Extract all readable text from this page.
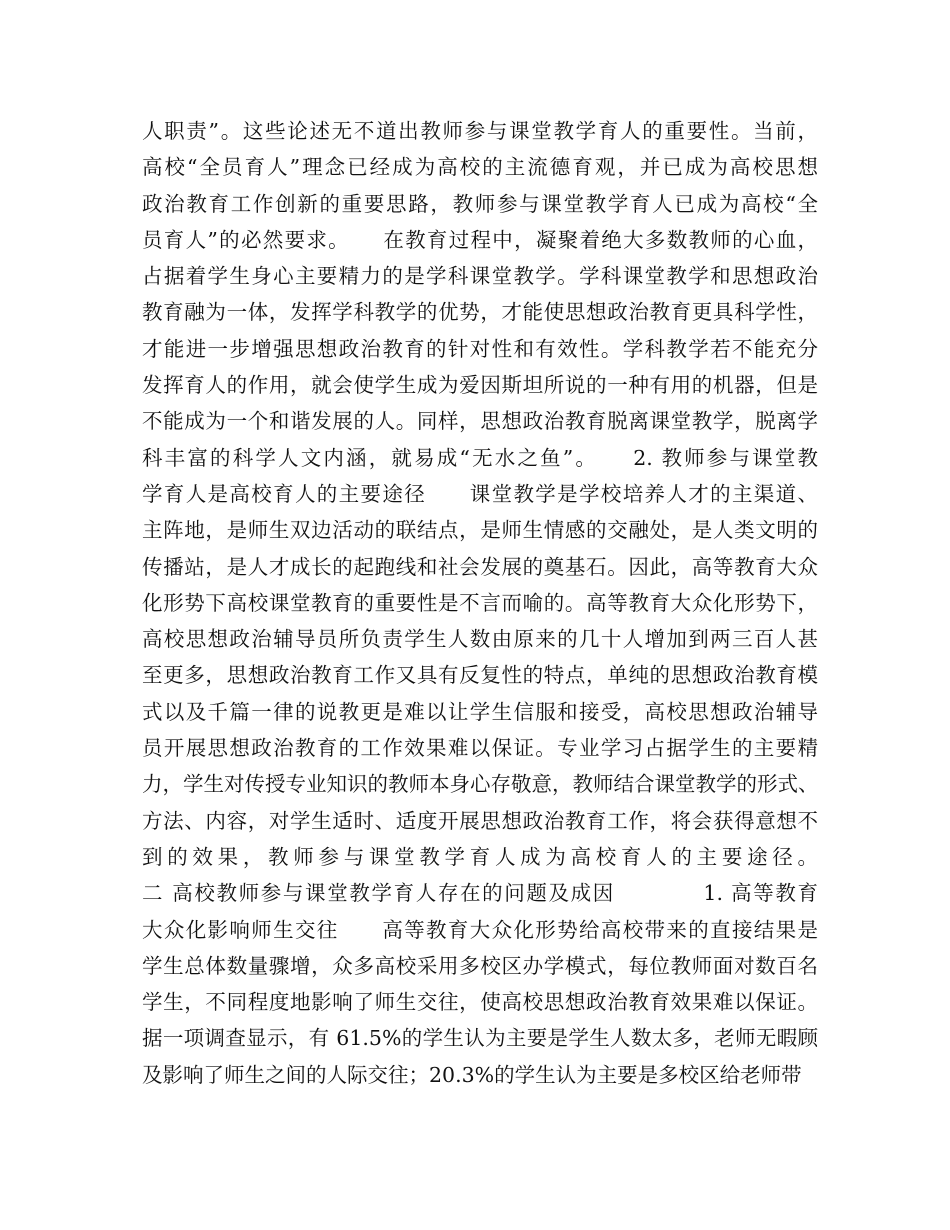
人职责”。这些论述无不道出教师参与课堂教学育人的重要性。当前，
高校“全员育人”理念已经成为高校的主流德育观，并已成为高校思想
政治教育工作创新的重要思路，教师参与课堂教学育人已成为高校“全
员育人”的必然要求。　　在教育过程中，凝聚着绝大多数教师的心血，
占据着学生身心主要精力的是学科课堂教学。学科课堂教学和思想政治
教育融为一体，发挥学科教学的优势，才能使思想政治教育更具科学性，
才能进一步增强思想政治教育的针对性和有效性。学科教学若不能充分
发挥育人的作用，就会使学生成为爱因斯坦所说的一种有用的机器，但是
不能成为一个和谐发展的人。同样，思想政治教育脱离课堂教学，脱离学
科丰富的科学人文内涵，就易成“无水之鱼”。　　2. 教师参与课堂教
学育人是高校育人的主要途径　　课堂教学是学校培养人才的主渠道、
主阵地，是师生双边活动的联结点，是师生情感的交融处，是人类文明的
传播站，是人才成长的起跑线和社会发展的奠基石。因此，高等教育大众
化形势下高校课堂教育的重要性是不言而喻的。高等教育大众化形势下，
高校思想政治辅导员所负责学生人数由原来的几十人增加到两三百人甚
至更多，思想政治教育工作又具有反复性的特点，单纯的思想政治教育模
式以及千篇一律的说教更是难以让学生信服和接受，高校思想政治辅导
员开展思想政治教育的工作效果难以保证。专业学习占据学生的主要精
力，学生对传授专业知识的教师本身心存敬意，教师结合课堂教学的形式、
方法、内容，对学生适时、适度开展思想政治教育工作，将会获得意想不
到的效果，教师参与课堂教学育人成为高校育人的主要途径。
二 高校教师参与课堂教学育人存在的问题及成因　　　　1. 高等教育
大众化影响师生交往　　高等教育大众化形势给高校带来的直接结果是
学生总体数量骤增，众多高校采用多校区办学模式，每位教师面对数百名
学生，不同程度地影响了师生交往，使高校思想政治教育效果难以保证。
据一项调查显示，有 61.5%的学生认为主要是学生人数太多，老师无暇顾
及影响了师生之间的人际交往；20.3%的学生认为主要是多校区给老师带
